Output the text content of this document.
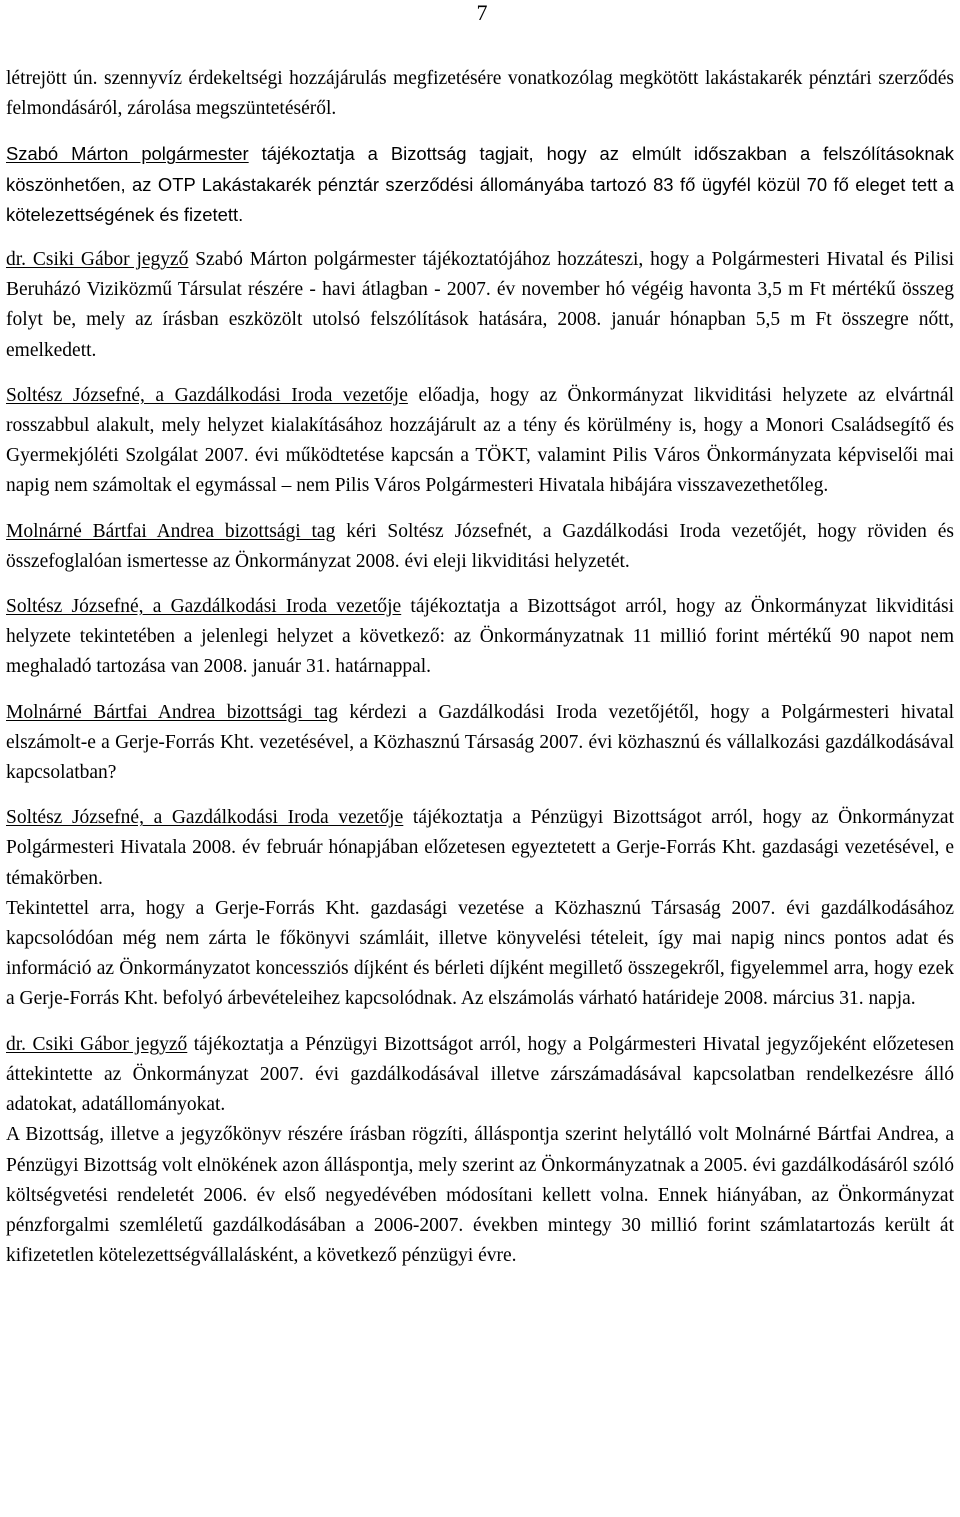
7

létrejött ún. szennyvíz érdekeltségi hozzájárulás megfizetésére vonatkozólag megkötött lakástakarék pénztári szerződés felmondásáról, zárolása megszüntetéséről.

Szabó Márton polgármester tájékoztatja a Bizottság tagjait, hogy az elmúlt időszakban a felszólításoknak köszönhetően, az OTP Lakástakarék pénztár szerződési állományába tartozó 83 fő ügyfél közül 70 fő eleget tett a kötelezettségének és fizetett.

dr. Csiki Gábor jegyző Szabó Márton polgármester tájékoztatójához hozzáteszi, hogy a Polgármesteri Hivatal és Pilisi Beruházó Viziközmű Társulat részére - havi átlagban - 2007. év november hó végéig havonta 3,5 m Ft mértékű összeg folyt be, mely az írásban eszközölt utolsó felszólítások hatására, 2008. január hónapban 5,5 m Ft összegre nőtt, emelkedett.

Soltész Józsefné, a Gazdálkodási Iroda vezetője előadja, hogy az Önkormányzat likviditási helyzete az elvártnál rosszabbul alakult, mely helyzet kialakításához hozzájárult az a tény és körülmény is, hogy a Monori Családsegítő és Gyermekjóléti Szolgálat 2007. évi működtetése kapcsán a TÖKT, valamint Pilis Város Önkormányzata képviselői mai napig nem számoltak el egymással – nem Pilis Város Polgármesteri Hivatala hibájára visszavezethetőleg.

Molnárné Bártfai Andrea bizottsági tag kéri Soltész Józsefnét, a Gazdálkodási Iroda vezetőjét, hogy röviden és összefoglalóan ismertesse az Önkormányzat 2008. évi eleji likviditási helyzetét.

Soltész Józsefné, a Gazdálkodási Iroda vezetője tájékoztatja a Bizottságot arról, hogy az Önkormányzat likviditási helyzete tekintetében a jelenlegi helyzet a következő: az Önkormányzatnak 11 millió forint mértékű 90 napot nem meghaladó tartozása van 2008. január 31. határnappal.

Molnárné Bártfai Andrea bizottsági tag kérdezi a Gazdálkodási Iroda vezetőjétől, hogy a Polgármesteri hivatal elszámolt-e a Gerje-Forrás Kht. vezetésével, a Közhasznú Társaság 2007. évi közhasznú és vállalkozási gazdálkodásával kapcsolatban?

Soltész Józsefné, a Gazdálkodási Iroda vezetője tájékoztatja a Pénzügyi Bizottságot arról, hogy az Önkormányzat Polgármesteri Hivatala 2008. év február hónapjában előzetesen egyeztetett a Gerje-Forrás Kht. gazdasági vezetésével, e témakörben.

Tekintettel arra, hogy a Gerje-Forrás Kht. gazdasági vezetése a Közhasznú Társaság 2007. évi gazdálkodásához kapcsolódóan még nem zárta le főkönyvi számláit, illetve könyvelési tételeit, így mai napig nincs pontos adat és információ az Önkormányzatot koncessziós díjként és bérleti díjként megillető összegekről, figyelemmel arra, hogy ezek a Gerje-Forrás Kht. befolyó árbevételeihez kapcsolódnak. Az elszámolás várható határideje 2008. március 31. napja.

dr. Csiki Gábor jegyző tájékoztatja a Pénzügyi Bizottságot arról, hogy a Polgármesteri Hivatal jegyzőjeként előzetesen áttekintette az Önkormányzat 2007. évi gazdálkodásával illetve zárszámadásával kapcsolatban rendelkezésre álló adatokat, adatállományokat.

A Bizottság, illetve a jegyzőkönyv részére írásban rögzíti, álláspontja szerint helytálló volt Molnárné Bártfai Andrea, a Pénzügyi Bizottság volt elnökének azon álláspontja, mely szerint az Önkormányzatnak a 2005. évi gazdálkodásáról szóló költségvetési rendeletét 2006. év első negyedévében módosítani kellett volna. Ennek hiányában, az Önkormányzat pénzforgalmi szemléletű gazdálkodásában a 2006-2007. években mintegy 30 millió forint számlatartozás került át kifizetetlen kötelezettségvállalásként, a következő pénzügyi évre.
